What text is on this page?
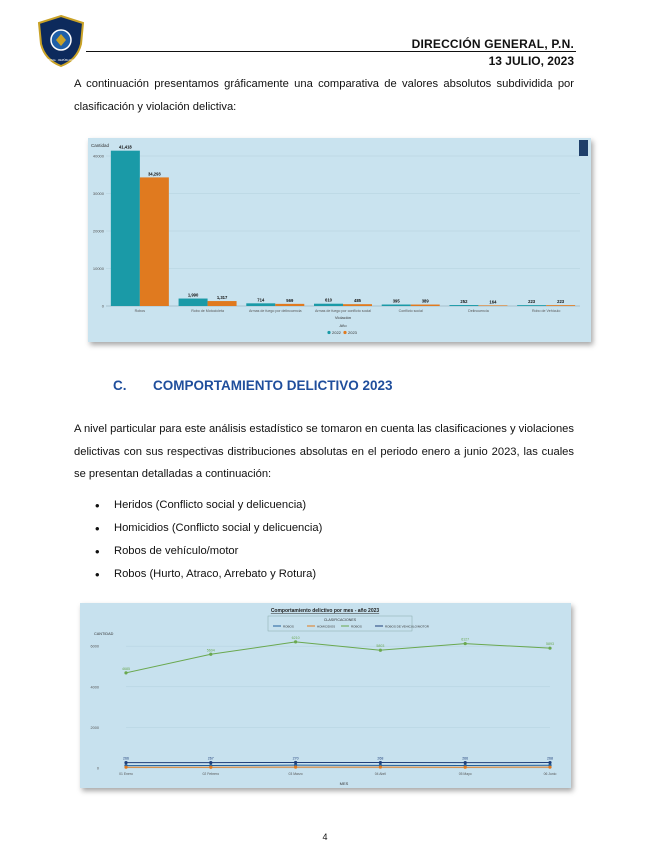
POLICÍA NACIONAL · REPÚBLICA DOMINICANA
DIRECCIÓN GENERAL, P.N.
13 JULIO, 2023
A continuación presentamos gráficamente una comparativa de valores absolutos subdividida por clasificación y violación delictiva:
Cantidad
0
10000
20000
30000
40000
41,418
34,293
Robos
1,990
1,317
Robo de Motocicleta
714	569
Armas de fuego por delincuencia
610	485
Armas de fuego por conflicto social
395	389
Conflicto social
252	164
Delincuencia
223	223
Robo de Vehículo
Violación
Año
2022 2023
C. COMPORTAMIENTO DELICTIVO 2023
A nivel particular para este análisis estadístico se tomaron en cuenta las clasificaciones y violaciones delictivas con sus respectivas distribuciones absolutas en el periodo enero a junio 2023, las cuales se presentan detalladas a continuación:
• Heridos (Conflicto social y delicuencia)
• Homicidios (Conflicto social y delicuencia)
• Robos de vehículo/motor
• Robos (Hurto, Atraco, Arrebato y Rotura)
Comportamiento delictivo por mes - año 2023
CLASIFICACIONES
ROBOS	HOMICIDIOS	ROBOS	ROBOS DE VEHICULO/MOTOR
CANTIDAD
0
2000
4000
6000
4685
5604
6210
5803
6127
5893
266	267	270	268	266	268
01 Enero	02 Febrero	03 Marzo	04 Abril	05 Mayo	06 Junio
MES
4
